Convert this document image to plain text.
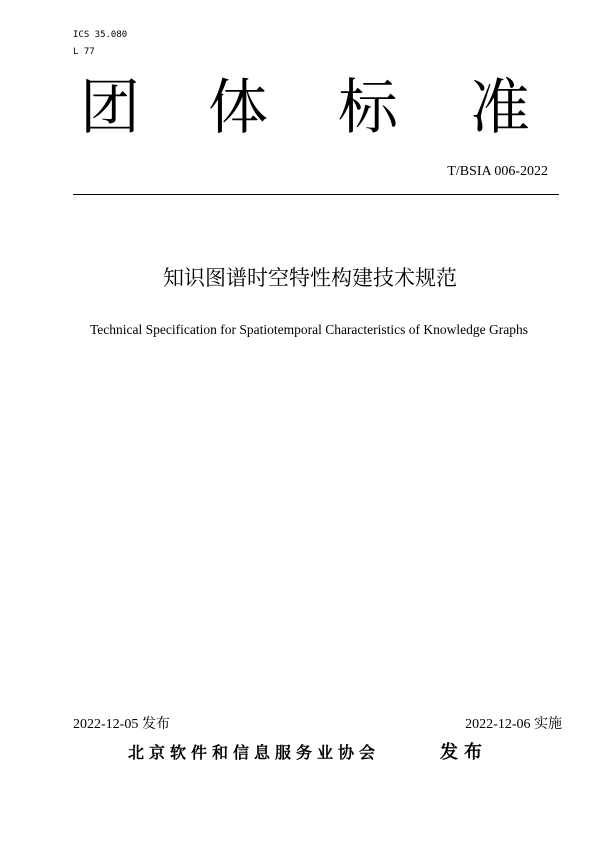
ICS 35.080
L 77
团 体 标 准
T/BSIA 006-2022
知识图谱时空特性构建技术规范
Technical Specification for Spatiotemporal Characteristics of Knowledge Graphs
2022-12-05 发布	2022-12-06 实施
北京软件和信息服务业协会	发布
